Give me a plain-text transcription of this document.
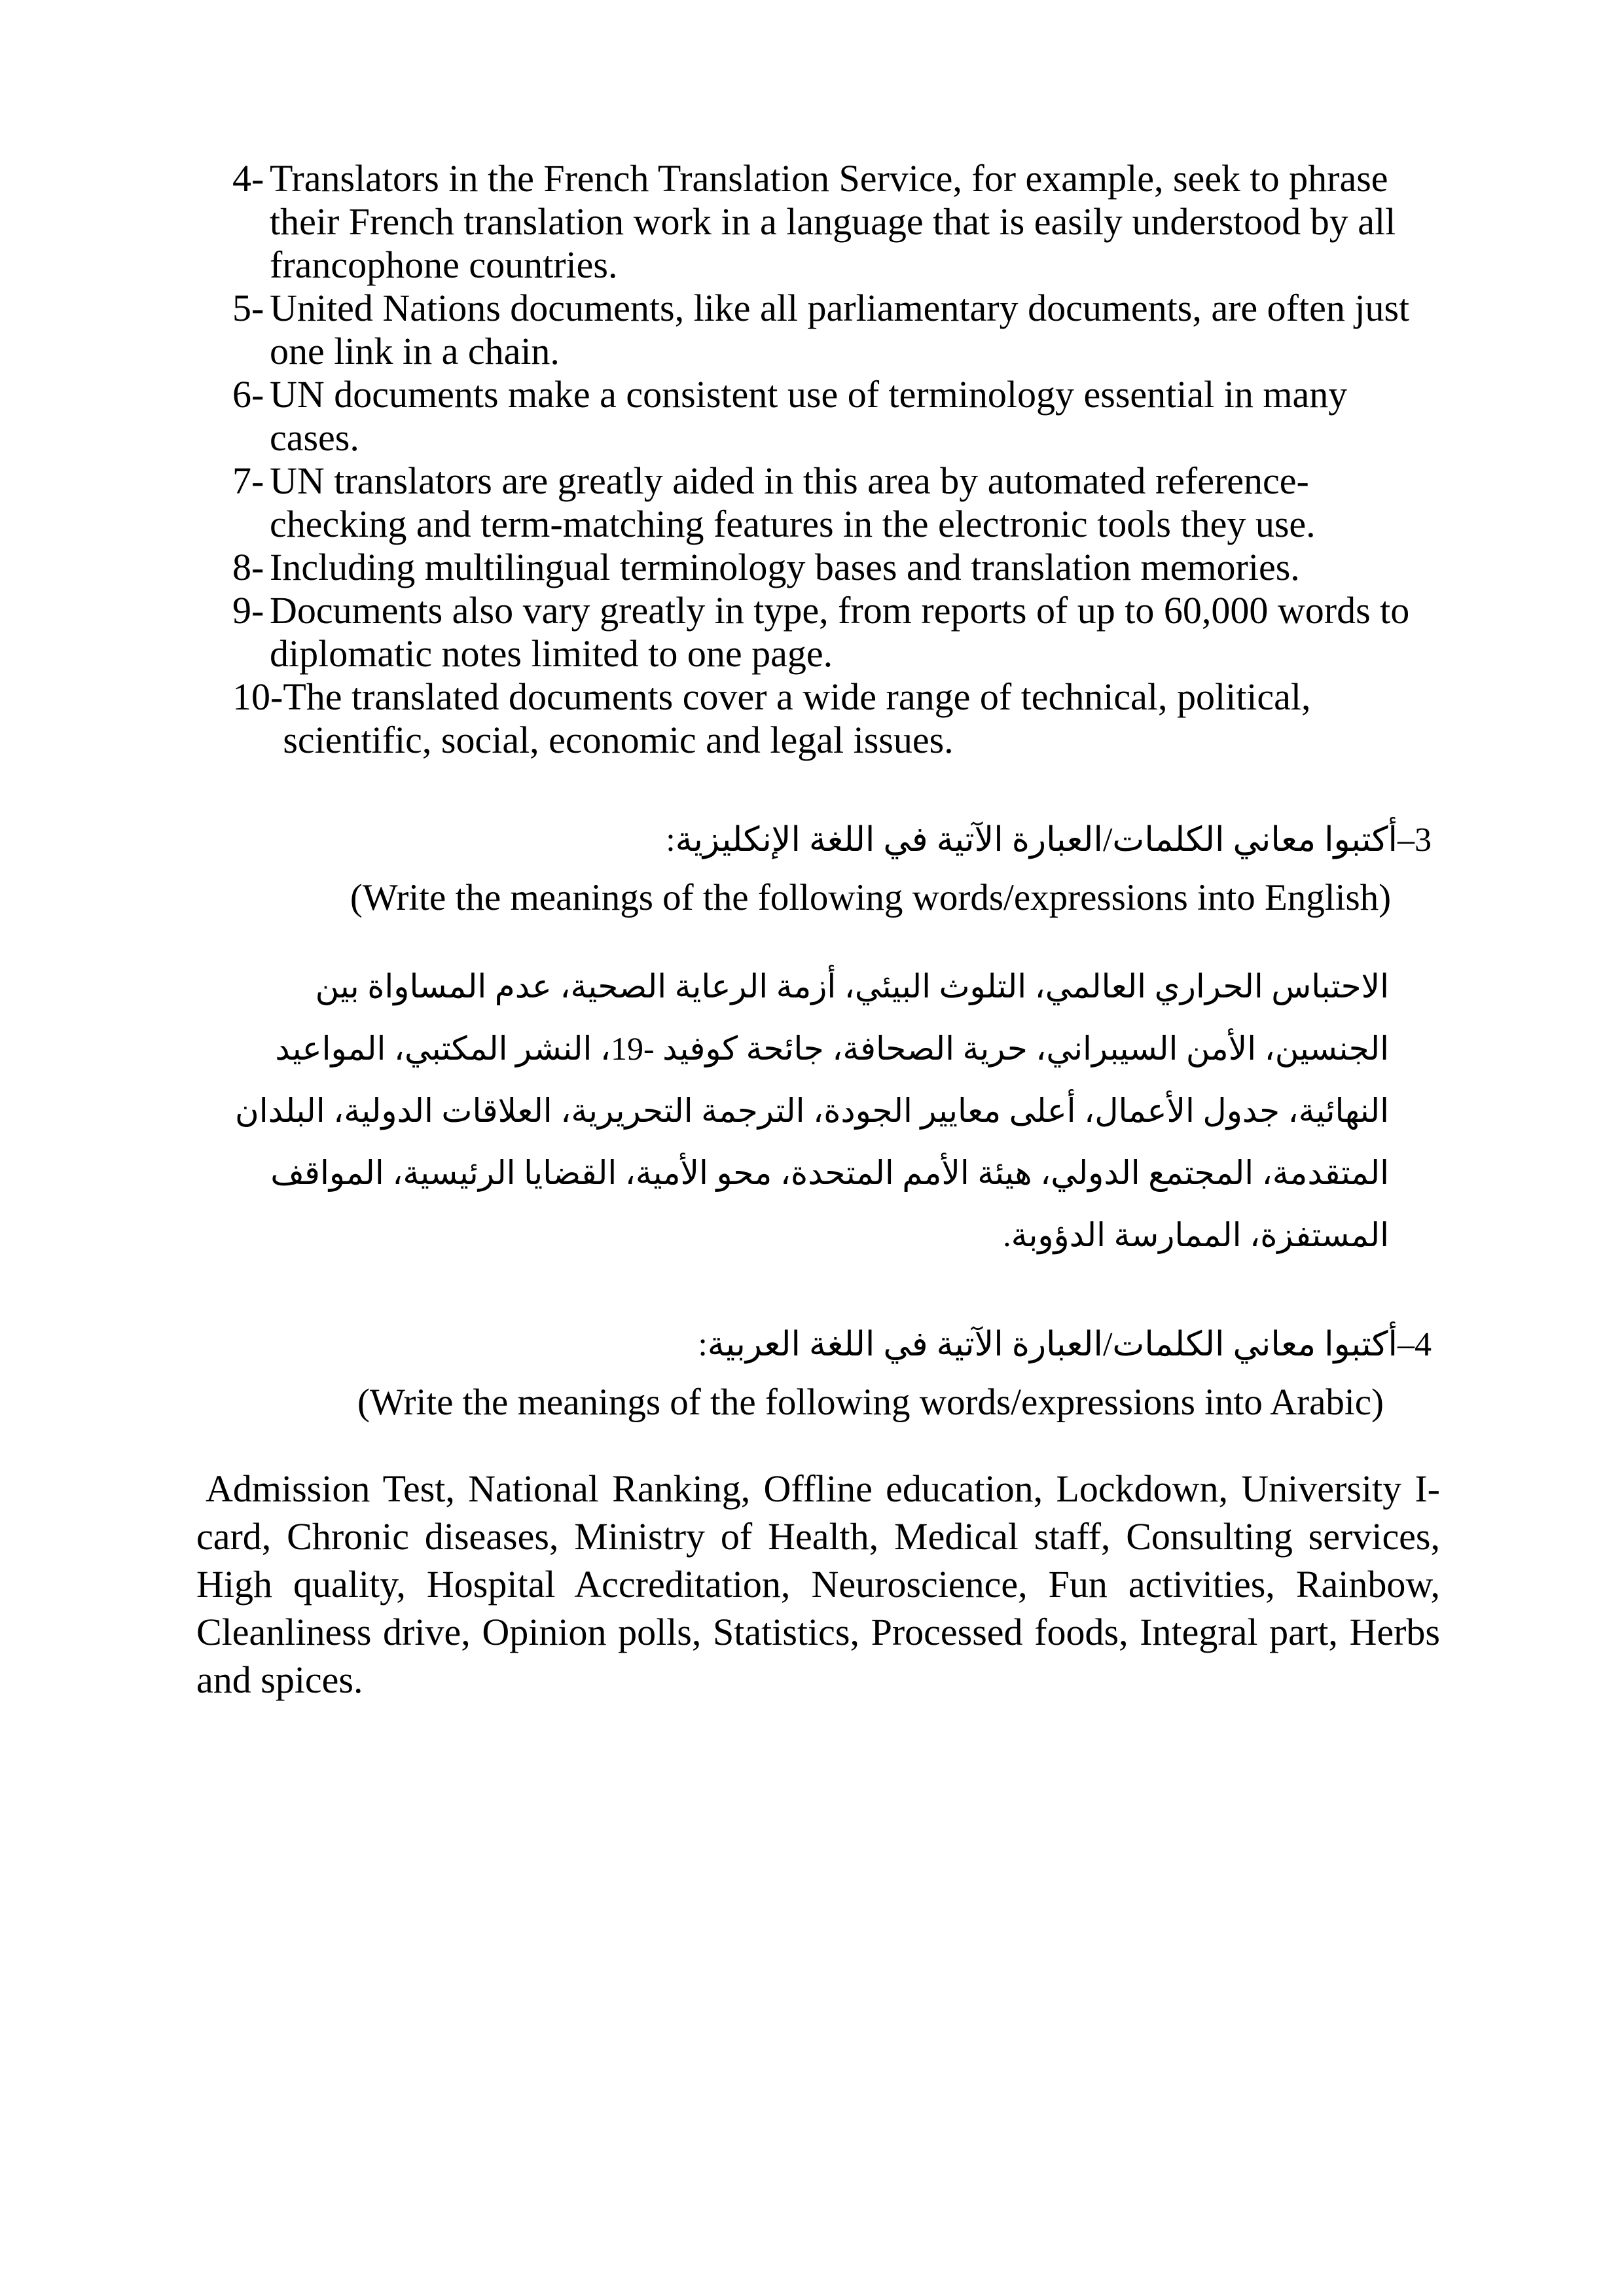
4- Translators in the French Translation Service, for example, seek to phrase their French translation work in a language that is easily understood by all francophone countries.
5- United Nations documents, like all parliamentary documents, are often just one link in a chain.
6- UN documents make a consistent use of terminology essential in many cases.
7- UN translators are greatly aided in this area by automated reference-checking and term-matching features in the electronic tools they use.
8- Including multilingual terminology bases and translation memories.
9- Documents also vary greatly in type, from reports of up to 60,000 words to diplomatic notes limited to one page.
10- The translated documents cover a wide range of technical, political, scientific, social, economic and legal issues.
3–أكتبوا معاني الكلمات/العبارة الآتية في اللغة الإنكليزية:
(Write the meanings of the following words/expressions into English)
الاحتباس الحراري العالمي، التلوث البيئي، أزمة الرعاية الصحية، عدم المساواة بين الجنسين، الأمن السيبراني، حرية الصحافة، جائحة كوفيد -19، النشر المكتبي، المواعيد النهائية، جدول الأعمال، أعلى معايير الجودة، الترجمة التحريرية، العلاقات الدولية، البلدان المتقدمة، المجتمع الدولي، هيئة الأمم المتحدة، محو الأمية، القضايا الرئيسية، المواقف المستفزة، الممارسة الدؤوبة.
4–أكتبوا معاني الكلمات/العبارة الآتية في اللغة العربية:
(Write the meanings of the following words/expressions into Arabic)
Admission Test, National Ranking, Offline education, Lockdown, University I-card, Chronic diseases, Ministry of Health, Medical staff, Consulting services, High quality, Hospital Accreditation, Neuroscience, Fun activities, Rainbow, Cleanliness drive, Opinion polls, Statistics, Processed foods, Integral part, Herbs and spices.
